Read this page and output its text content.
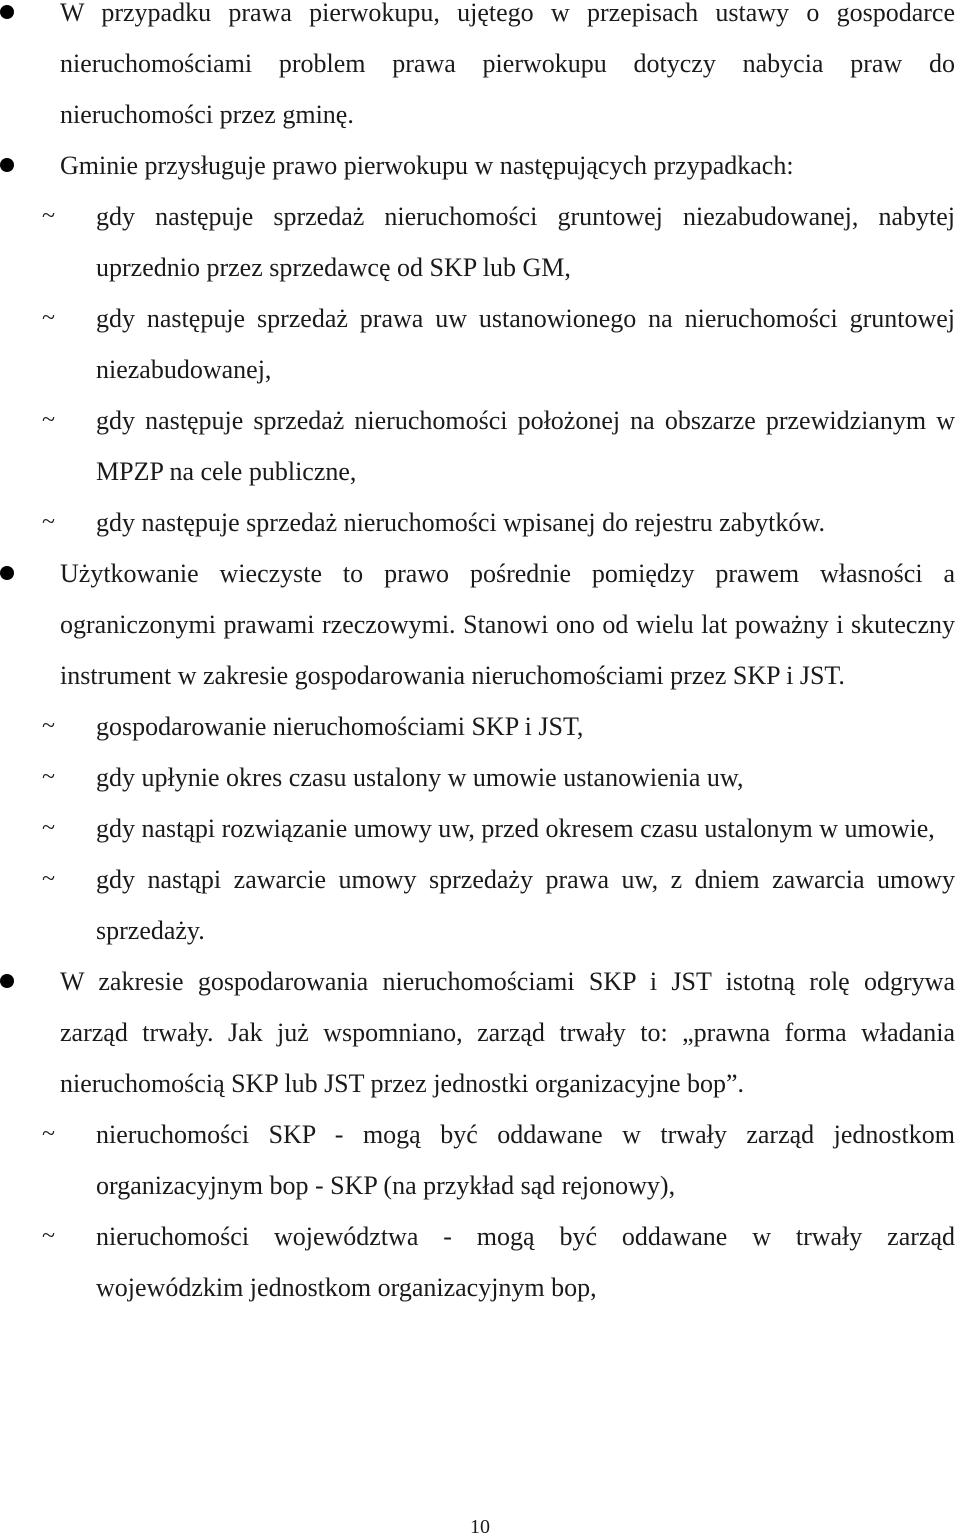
W przypadku prawa pierwokupu, ujętego w przepisach ustawy o gospodarce nieruchomościami problem prawa pierwokupu dotyczy nabycia praw do nieruchomości przez gminę.
Gminie przysługuje prawo pierwokupu w następujących przypadkach:
~ gdy następuje sprzedaż nieruchomości gruntowej niezabudowanej, nabytej uprzednio przez sprzedawcę od SKP lub GM,
~ gdy następuje sprzedaż prawa uw ustanowionego na nieruchomości gruntowej niezabudowanej,
~ gdy następuje sprzedaż nieruchomości położonej na obszarze przewidzianym w MPZP na cele publiczne,
~ gdy następuje sprzedaż nieruchomości wpisanej do rejestru zabytków.
Użytkowanie wieczyste to prawo pośrednie pomiędzy prawem własności a ograniczonymi prawami rzeczowymi. Stanowi ono od wielu lat poważny i skuteczny instrument w zakresie gospodarowania nieruchomościami przez SKP i JST.
~ gospodarowanie nieruchomościami SKP i JST,
~ gdy upłynie okres czasu ustalony w umowie ustanowienia uw,
~ gdy nastąpi rozwiązanie umowy uw, przed okresem czasu ustalonym w umowie,
~ gdy nastąpi zawarcie umowy sprzedaży prawa uw, z dniem zawarcia umowy sprzedaży.
W zakresie gospodarowania nieruchomościami SKP i JST istotną rolę odgrywa zarząd trwały. Jak już wspomniano, zarząd trwały to: „prawna forma władania nieruchomością SKP lub JST przez jednostki organizacyjne bop”.
~ nieruchomości SKP - mogą być oddawane w trwały zarząd jednostkom organizacyjnym bop - SKP (na przykład sąd rejonowy),
~ nieruchomości województwa - mogą być oddawane w trwały zarząd wojewódzkim jednostkom organizacyjnym bop,
10
